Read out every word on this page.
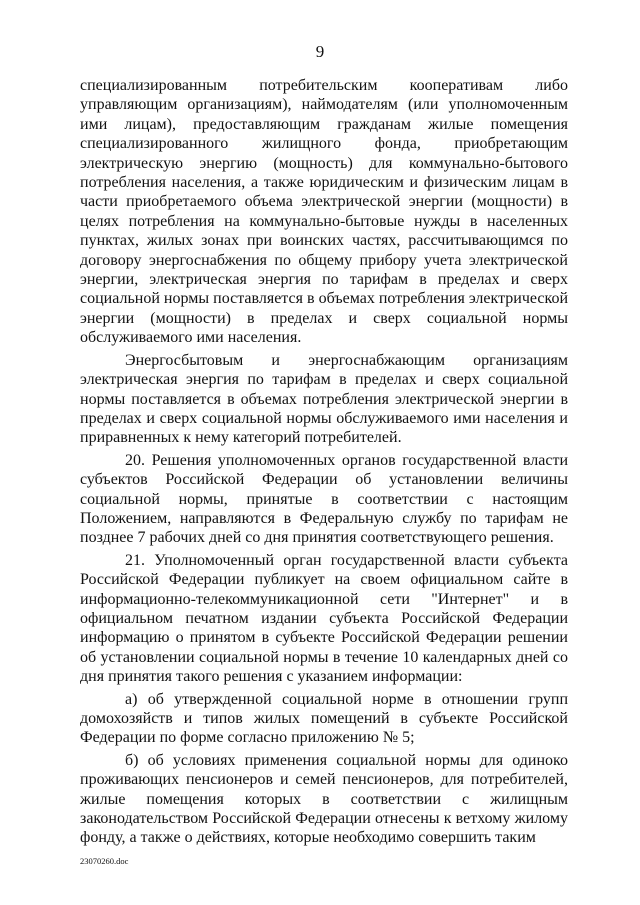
9

специализированным потребительским кооперативам либо управляющим организациям), наймодателям (или уполномоченным ими лицам), предоставляющим гражданам жилые помещения специализированного жилищного фонда, приобретающим электрическую энергию (мощность) для коммунально-бытового потребления населения, а также юридическим и физическим лицам в части приобретаемого объема электрической энергии (мощности) в целях потребления на коммунально-бытовые нужды в населенных пунктах, жилых зонах при воинских частях, рассчитывающимся по договору энергоснабжения по общему прибору учета электрической энергии, электрическая энергия по тарифам в пределах и сверх социальной нормы поставляется в объемах потребления электрической энергии (мощности) в пределах и сверх социальной нормы обслуживаемого ими населения.

Энергосбытовым и энергоснабжающим организациям электрическая энергия по тарифам в пределах и сверх социальной нормы поставляется в объемах потребления электрической энергии в пределах и сверх социальной нормы обслуживаемого ими населения и приравненных к нему категорий потребителей.

20. Решения уполномоченных органов государственной власти субъектов Российской Федерации об установлении величины социальной нормы, принятые в соответствии с настоящим Положением, направляются в Федеральную службу по тарифам не позднее 7 рабочих дней со дня принятия соответствующего решения.

21. Уполномоченный орган государственной власти субъекта Российской Федерации публикует на своем официальном сайте в информационно-телекоммуникационной сети "Интернет" и в официальном печатном издании субъекта Российской Федерации информацию о принятом в субъекте Российской Федерации решении об установлении социальной нормы в течение 10 календарных дней со дня принятия такого решения с указанием информации:

а) об утвержденной социальной норме в отношении групп домохозяйств и типов жилых помещений в субъекте Российской Федерации по форме согласно приложению № 5;

б) об условиях применения социальной нормы для одиноко проживающих пенсионеров и семей пенсионеров, для потребителей, жилые помещения которых в соответствии с жилищным законодательством Российской Федерации отнесены к ветхому жилому фонду, а также о действиях, которые необходимо совершить таким

23070260.doc
